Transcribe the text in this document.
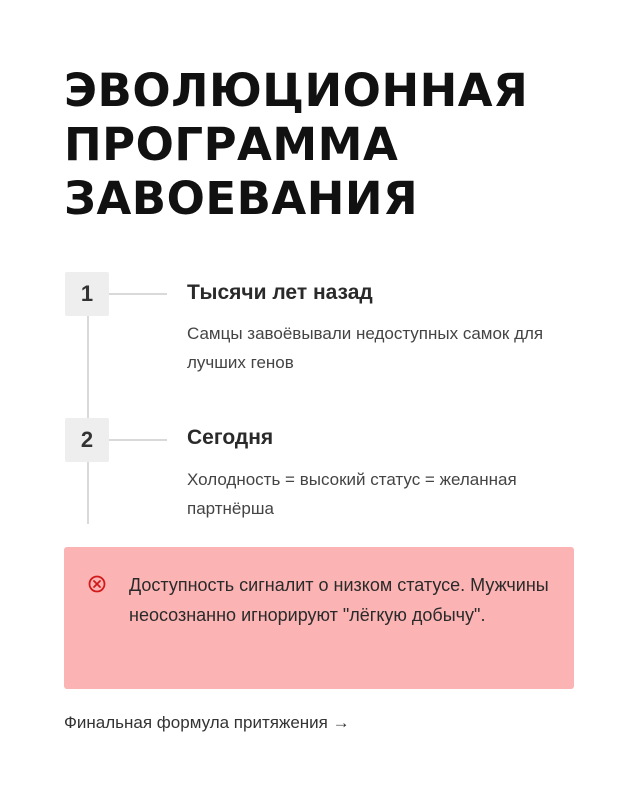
ЭВОЛЮЦИОННАЯ ПРОГРАММА ЗАВОЕВАНИЯ
1	Тысячи лет назад

Самцы завоёвывали недоступных самок для лучших генов

2	Сегодня

Холодность = высокий статус = желанная партнёрша

Доступность сигналит о низком статусе. Мужчины неосознанно игнорируют "лёгкую добычу".

Финальная формула притяжения →
